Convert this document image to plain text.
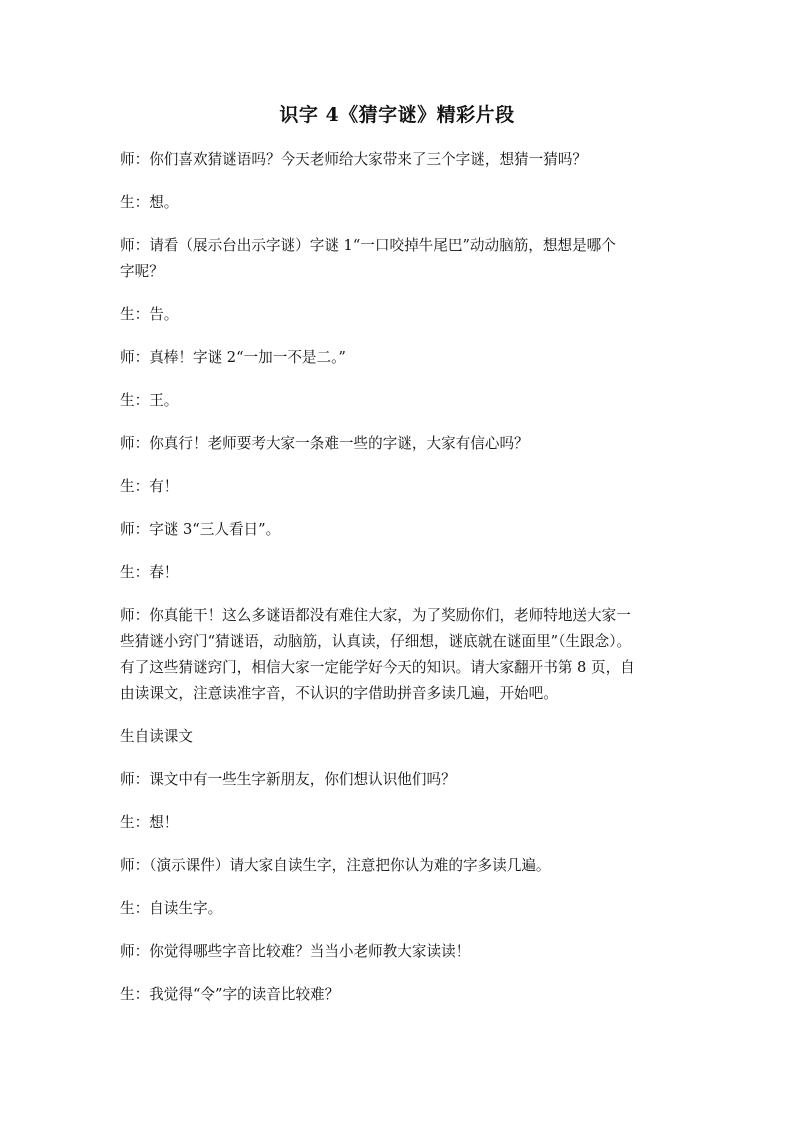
识字 4《猜字谜》精彩片段
师：你们喜欢猜谜语吗？今天老师给大家带来了三个字谜，想猜一猜吗？
生：想。
师：请看（展示台出示字谜）字谜 1“一口咬掉牛尾巴”动动脑筋，想想是哪个
字呢？
生：告。
师：真棒！字谜 2“一加一不是二。”
生：王。
师：你真行！老师要考大家一条难一些的字谜，大家有信心吗？
生：有！
师：字谜 3“三人看日”。
生：春！
师：你真能干！这么多谜语都没有难住大家，为了奖励你们，老师特地送大家一
些猜谜小窍门“猜谜语，动脑筋，认真读，仔细想，谜底就在谜面里”（生跟念）。
有了这些猜谜窍门，相信大家一定能学好今天的知识。请大家翻开书第 8 页，自
由读课文，注意读准字音，不认识的字借助拼音多读几遍，开始吧。
生自读课文
师：课文中有一些生字新朋友，你们想认识他们吗？
生：想！
师：（演示课件）请大家自读生字，注意把你认为难的字多读几遍。
生：自读生字。
师：你觉得哪些字音比较难？当当小老师教大家读读！
生：我觉得“令”字的读音比较难？
